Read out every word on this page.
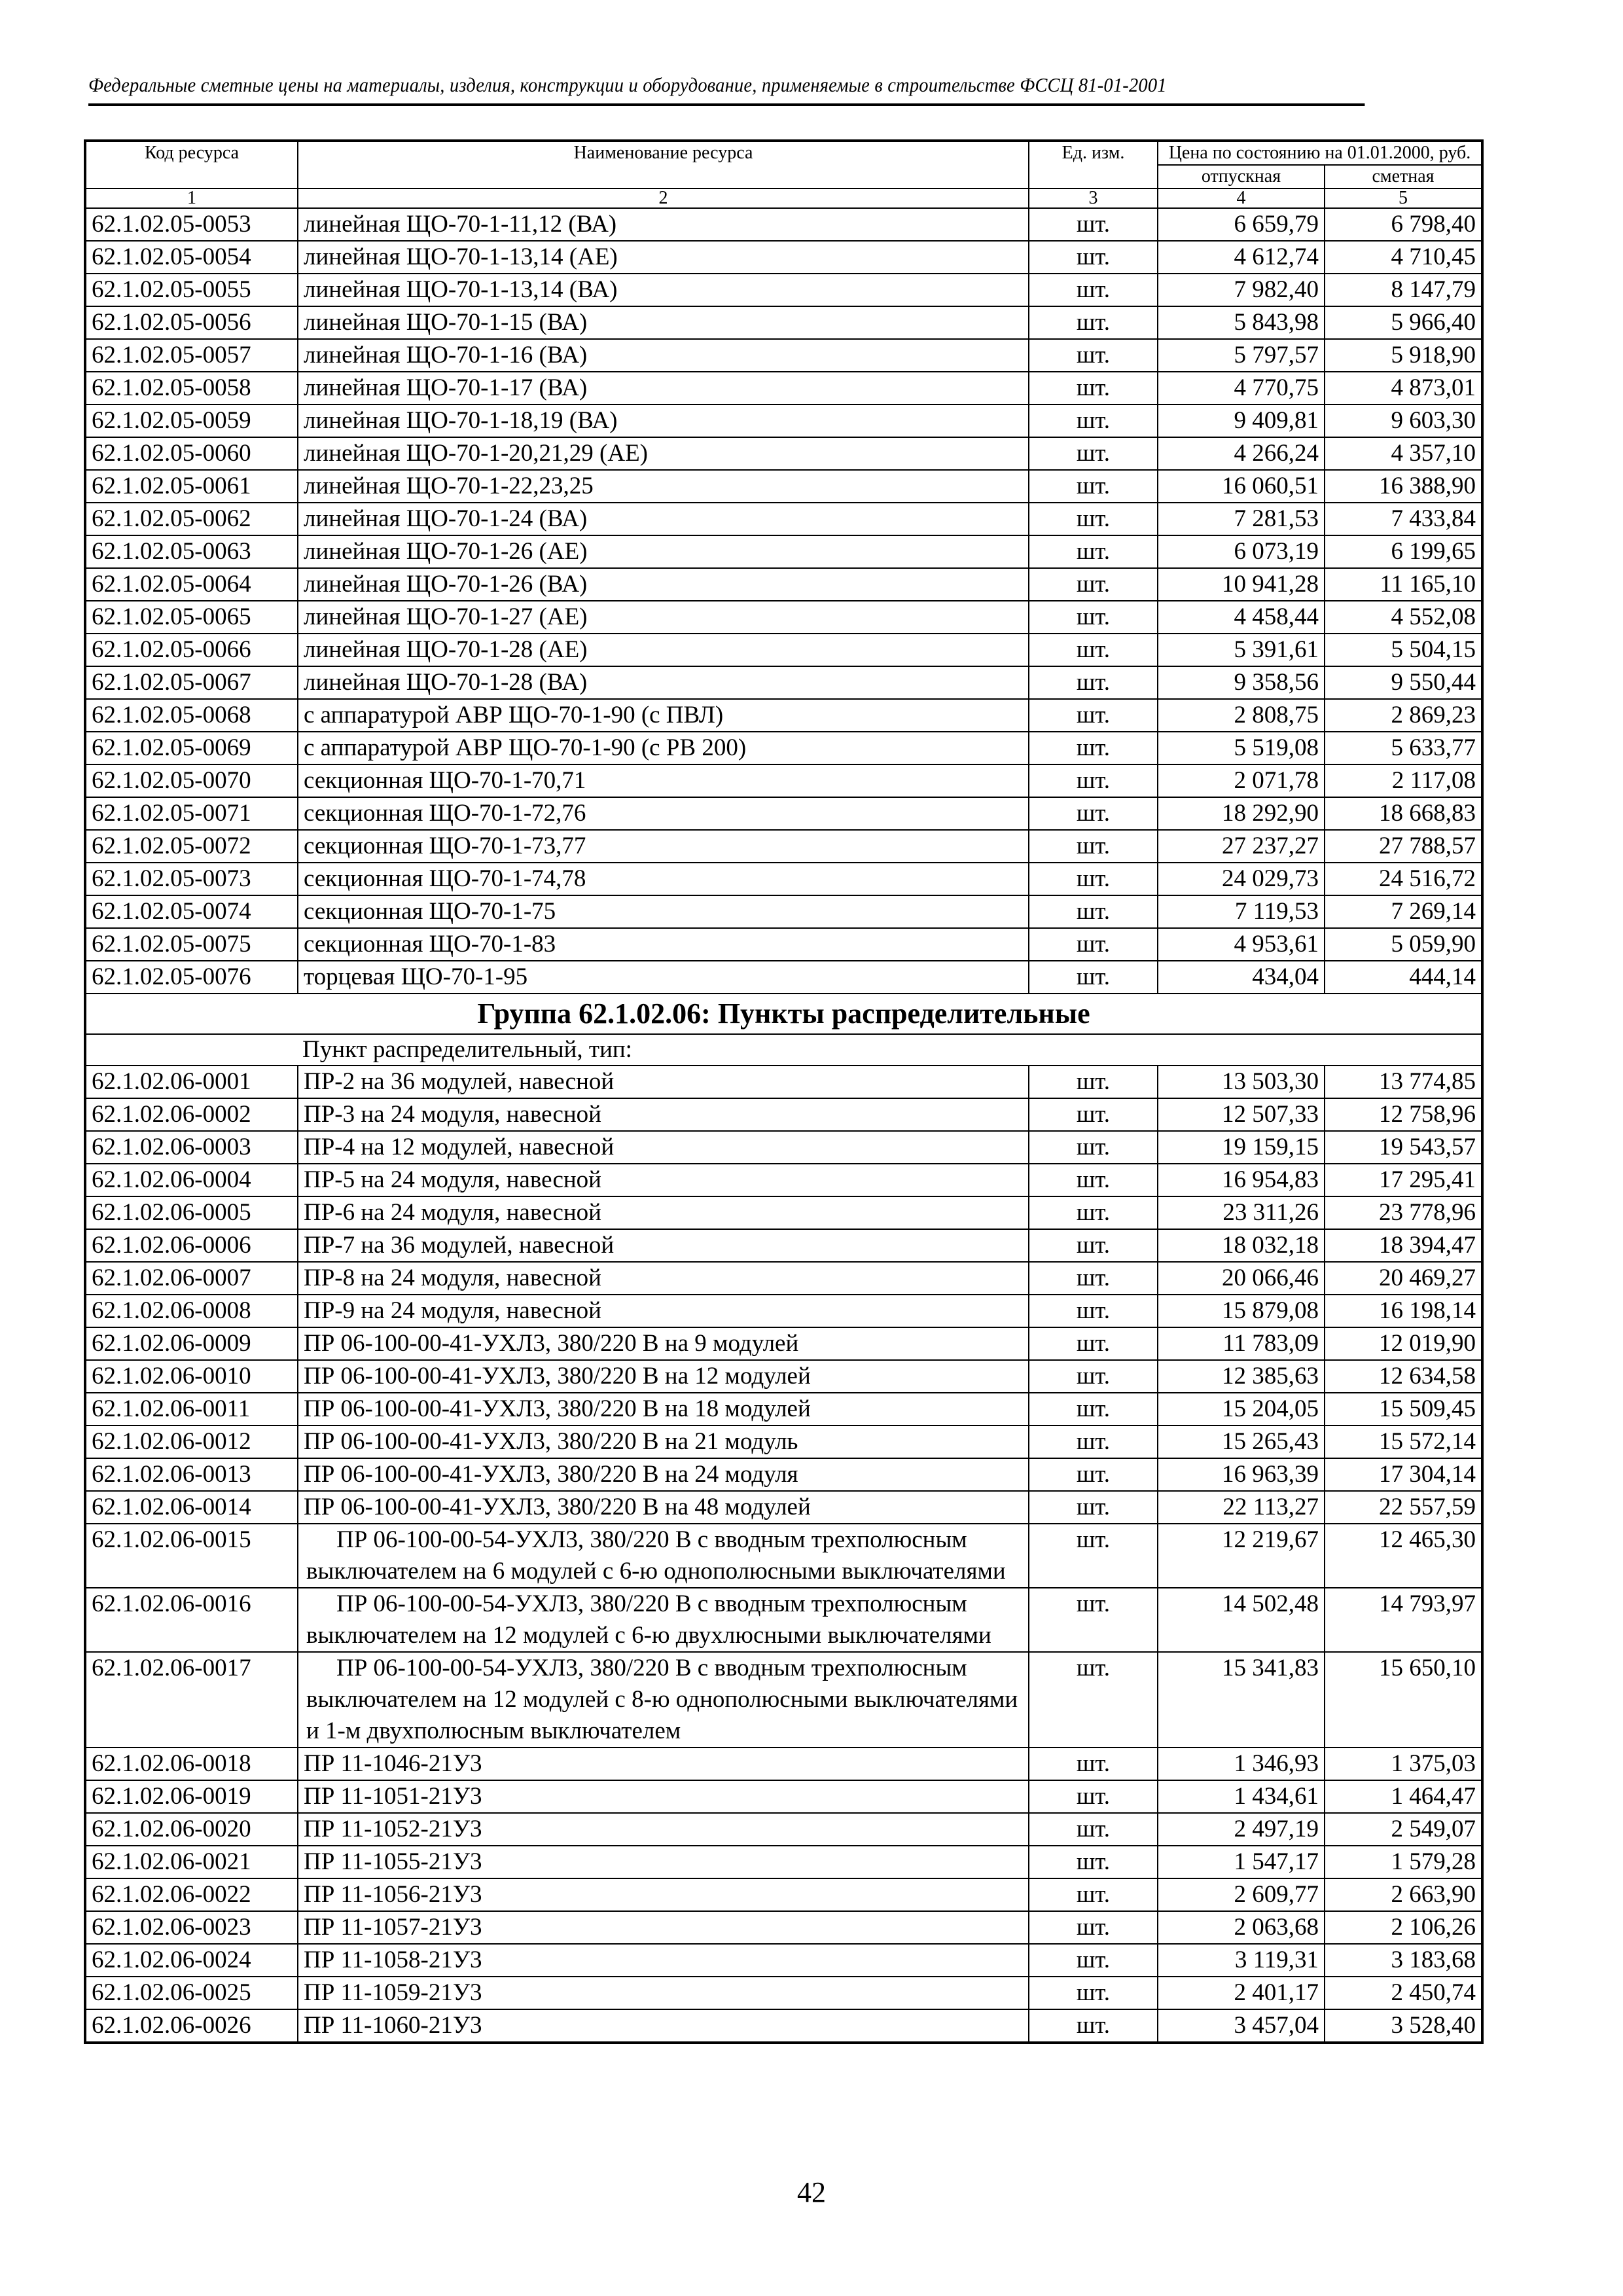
Федеральные сметные цены на материалы, изделия, конструкции и оборудование, применяемые в строительстве ФССЦ 81-01-2001
Код ресурса	Наименование ресурса	Ед. изм.	Цена по состоянию на 01.01.2000, руб.	
			отпускная	сметная
1	2	3	4	5
62.1.02.05-0053	линейная ЩО-70-1-11,12 (ВА)	шт.	6 659,79	6 798,40
62.1.02.05-0054	линейная ЩО-70-1-13,14 (АЕ)	шт.	4 612,74	4 710,45
62.1.02.05-0055	линейная ЩО-70-1-13,14 (ВА)	шт.	7 982,40	8 147,79
62.1.02.05-0056	линейная ЩО-70-1-15 (ВА)	шт.	5 843,98	5 966,40
62.1.02.05-0057	линейная ЩО-70-1-16 (ВА)	шт.	5 797,57	5 918,90
62.1.02.05-0058	линейная ЩО-70-1-17 (ВА)	шт.	4 770,75	4 873,01
62.1.02.05-0059	линейная ЩО-70-1-18,19 (ВА)	шт.	9 409,81	9 603,30
62.1.02.05-0060	линейная ЩО-70-1-20,21,29 (АЕ)	шт.	4 266,24	4 357,10
62.1.02.05-0061	линейная ЩО-70-1-22,23,25	шт.	16 060,51	16 388,90
62.1.02.05-0062	линейная ЩО-70-1-24 (ВА)	шт.	7 281,53	7 433,84
62.1.02.05-0063	линейная ЩО-70-1-26 (АЕ)	шт.	6 073,19	6 199,65
62.1.02.05-0064	линейная ЩО-70-1-26 (ВА)	шт.	10 941,28	11 165,10
62.1.02.05-0065	линейная ЩО-70-1-27 (АЕ)	шт.	4 458,44	4 552,08
62.1.02.05-0066	линейная ЩО-70-1-28 (АЕ)	шт.	5 391,61	5 504,15
62.1.02.05-0067	линейная ЩО-70-1-28 (ВА)	шт.	9 358,56	9 550,44
62.1.02.05-0068	с аппаратурой АВР ЩО-70-1-90 (с ПВЛ)	шт.	2 808,75	2 869,23
62.1.02.05-0069	с аппаратурой АВР ЩО-70-1-90 (с РВ 200)	шт.	5 519,08	5 633,77
62.1.02.05-0070	секционная ЩО-70-1-70,71	шт.	2 071,78	2 117,08
62.1.02.05-0071	секционная ЩО-70-1-72,76	шт.	18 292,90	18 668,83
62.1.02.05-0072	секционная ЩО-70-1-73,77	шт.	27 237,27	27 788,57
62.1.02.05-0073	секционная ЩО-70-1-74,78	шт.	24 029,73	24 516,72
62.1.02.05-0074	секционная ЩО-70-1-75	шт.	7 119,53	7 269,14
62.1.02.05-0075	секционная ЩО-70-1-83	шт.	4 953,61	5 059,90
62.1.02.05-0076	торцевая ЩО-70-1-95	шт.	434,04	444,14
Группа 62.1.02.06: Пункты распределительные				
Пункт распределительный, тип:				
62.1.02.06-0001	ПР-2 на 36 модулей, навесной	шт.	13 503,30	13 774,85
62.1.02.06-0002	ПР-3 на 24 модуля, навесной	шт.	12 507,33	12 758,96
62.1.02.06-0003	ПР-4 на 12 модулей, навесной	шт.	19 159,15	19 543,57
62.1.02.06-0004	ПР-5 на 24 модуля, навесной	шт.	16 954,83	17 295,41
62.1.02.06-0005	ПР-6 на 24 модуля, навесной	шт.	23 311,26	23 778,96
62.1.02.06-0006	ПР-7 на 36 модулей, навесной	шт.	18 032,18	18 394,47
62.1.02.06-0007	ПР-8 на 24 модуля, навесной	шт.	20 066,46	20 469,27
62.1.02.06-0008	ПР-9 на 24 модуля, навесной	шт.	15 879,08	16 198,14
62.1.02.06-0009	ПР 06-100-00-41-УХЛ3, 380/220 В на 9 модулей	шт.	11 783,09	12 019,90
62.1.02.06-0010	ПР 06-100-00-41-УХЛ3, 380/220 В на 12 модулей	шт.	12 385,63	12 634,58
62.1.02.06-0011	ПР 06-100-00-41-УХЛ3, 380/220 В на 18 модулей	шт.	15 204,05	15 509,45
62.1.02.06-0012	ПР 06-100-00-41-УХЛ3, 380/220 В на 21 модуль	шт.	15 265,43	15 572,14
62.1.02.06-0013	ПР 06-100-00-41-УХЛ3, 380/220 В на 24 модуля	шт.	16 963,39	17 304,14
62.1.02.06-0014	ПР 06-100-00-41-УХЛ3, 380/220 В на 48 модулей	шт.	22 113,27	22 557,59
62.1.02.06-0015	ПР 06-100-00-54-УХЛ3, 380/220 В с вводным трехполюсным выключателем на 6 модулей с 6-ю однополюсными выключателями	шт.	12 219,67	12 465,30
62.1.02.06-0016	ПР 06-100-00-54-УХЛ3, 380/220 В с вводным трехполюсным выключателем на 12 модулей с 6-ю двухлюсными выключателями	шт.	14 502,48	14 793,97
62.1.02.06-0017	ПР 06-100-00-54-УХЛ3, 380/220 В с вводным трехполюсным выключателем на 12 модулей с 8-ю однополюсными выключателями и 1-м двухполюсным выключателем	шт.	15 341,83	15 650,10
62.1.02.06-0018	ПР 11-1046-21У3	шт.	1 346,93	1 375,03
62.1.02.06-0019	ПР 11-1051-21У3	шт.	1 434,61	1 464,47
62.1.02.06-0020	ПР 11-1052-21У3	шт.	2 497,19	2 549,07
62.1.02.06-0021	ПР 11-1055-21У3	шт.	1 547,17	1 579,28
62.1.02.06-0022	ПР 11-1056-21У3	шт.	2 609,77	2 663,90
62.1.02.06-0023	ПР 11-1057-21У3	шт.	2 063,68	2 106,26
62.1.02.06-0024	ПР 11-1058-21У3	шт.	3 119,31	3 183,68
62.1.02.06-0025	ПР 11-1059-21У3	шт.	2 401,17	2 450,74
62.1.02.06-0026	ПР 11-1060-21У3	шт.	3 457,04	3 528,40
42
